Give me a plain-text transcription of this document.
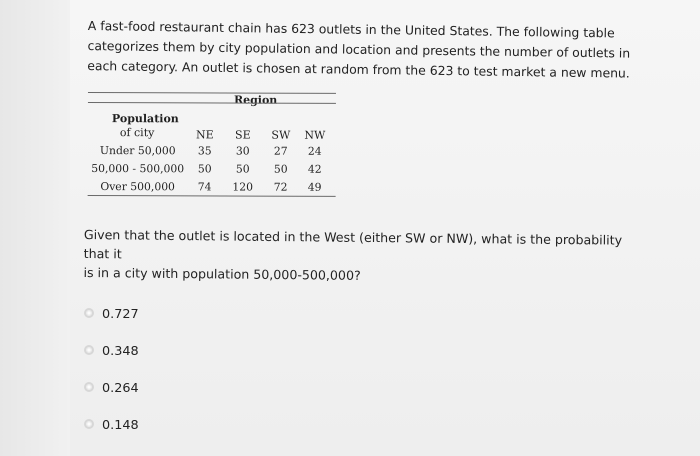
A fast-food restaurant chain has 623 outlets in the United States. The following table

categorizes them by city population and location and presents the number of outlets in

each category. An outlet is chosen at random from the 623 to test market a new menu.

Region
Population
of city	NE	SE	SW	NW
Under 50,000	35	30	27	24
50,000 - 500,000	50	50	50	42
Over 500,000	74	120	72	49

Given that the outlet is located in the West (either SW or NW), what is the probability

that it

is in a city with population 50,000-500,000?

0.727
0.348
0.264
0.148
